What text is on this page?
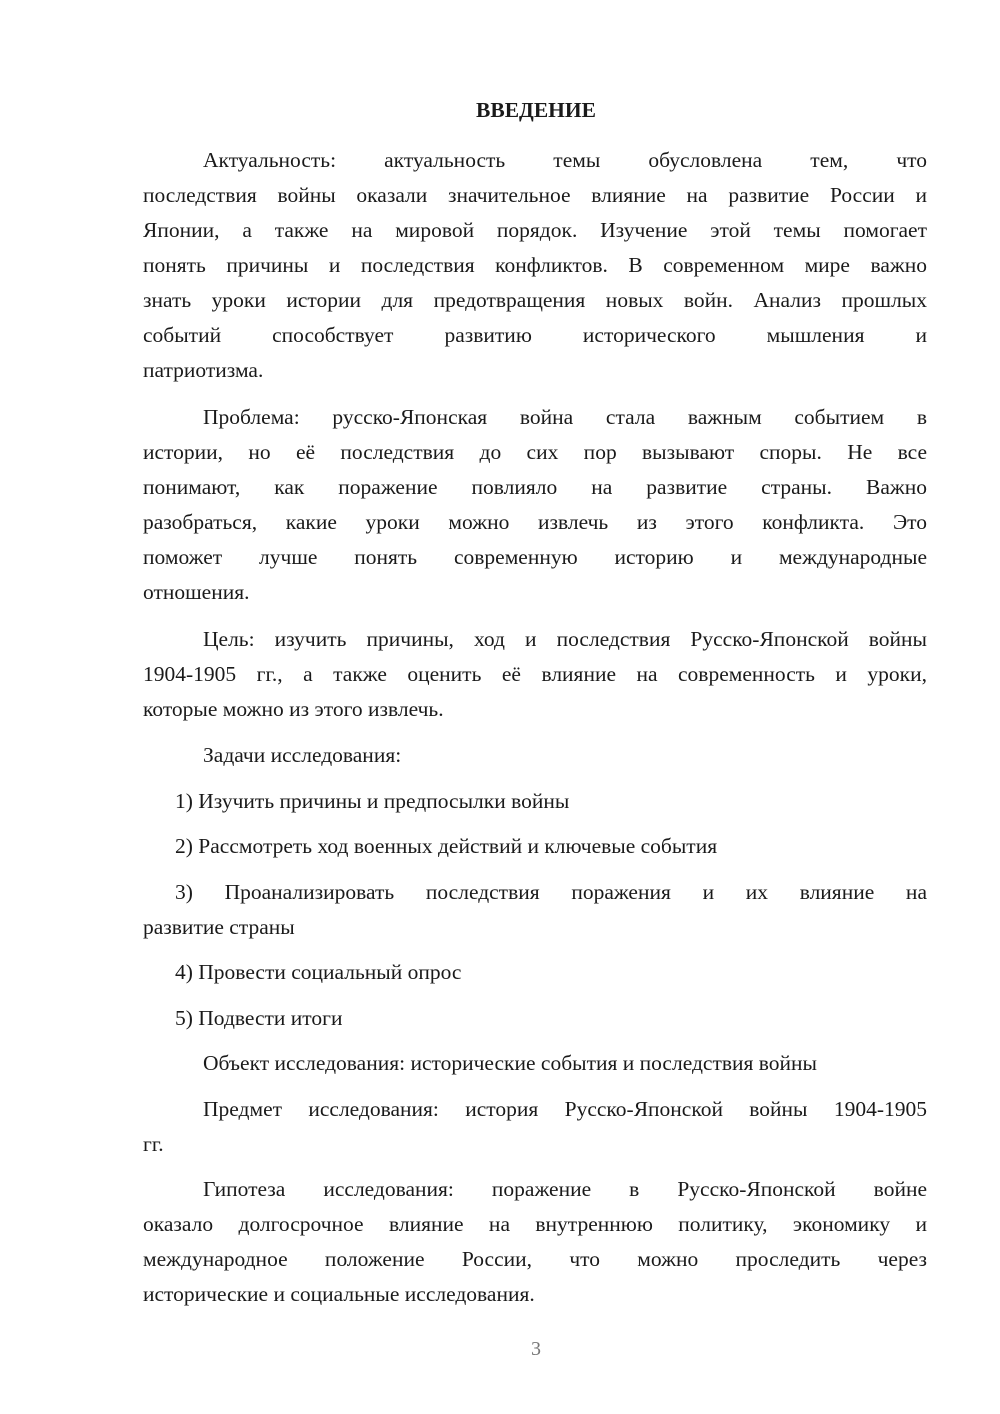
ВВЕДЕНИЕ
Актуальность: актуальность темы обусловлена тем, что
последствия войны оказали значительное влияние на развитие России и
Японии, а также на мировой порядок. Изучение этой темы помогает
понять причины и последствия конфликтов. В современном мире важно
знать уроки истории для предотвращения новых войн. Анализ прошлых
событий способствует развитию исторического мышления и
патриотизма.
Проблема: русско-Японская война стала важным событием в
истории, но её последствия до сих пор вызывают споры. Не все
понимают, как поражение повлияло на развитие страны. Важно
разобраться, какие уроки можно извлечь из этого конфликта. Это
поможет лучше понять современную историю и международные
отношения.
Цель: изучить причины, ход и последствия Русско-Японской войны
1904-1905 гг., а также оценить её влияние на современность и уроки,
которые можно из этого извлечь.
Задачи исследования:
1) Изучить причины и предпосылки войны
2) Рассмотреть ход военных действий и ключевые события
3) Проанализировать последствия поражения и их влияние на
развитие страны
4) Провести социальный опрос
5) Подвести итоги
Объект исследования: исторические события и последствия войны
Предмет исследования: история Русско-Японской войны 1904-1905
гг.
Гипотеза исследования: поражение в Русско-Японской войне
оказало долгосрочное влияние на внутреннюю политику, экономику и
международное положение России, что можно проследить через
исторические и социальные исследования.
3
